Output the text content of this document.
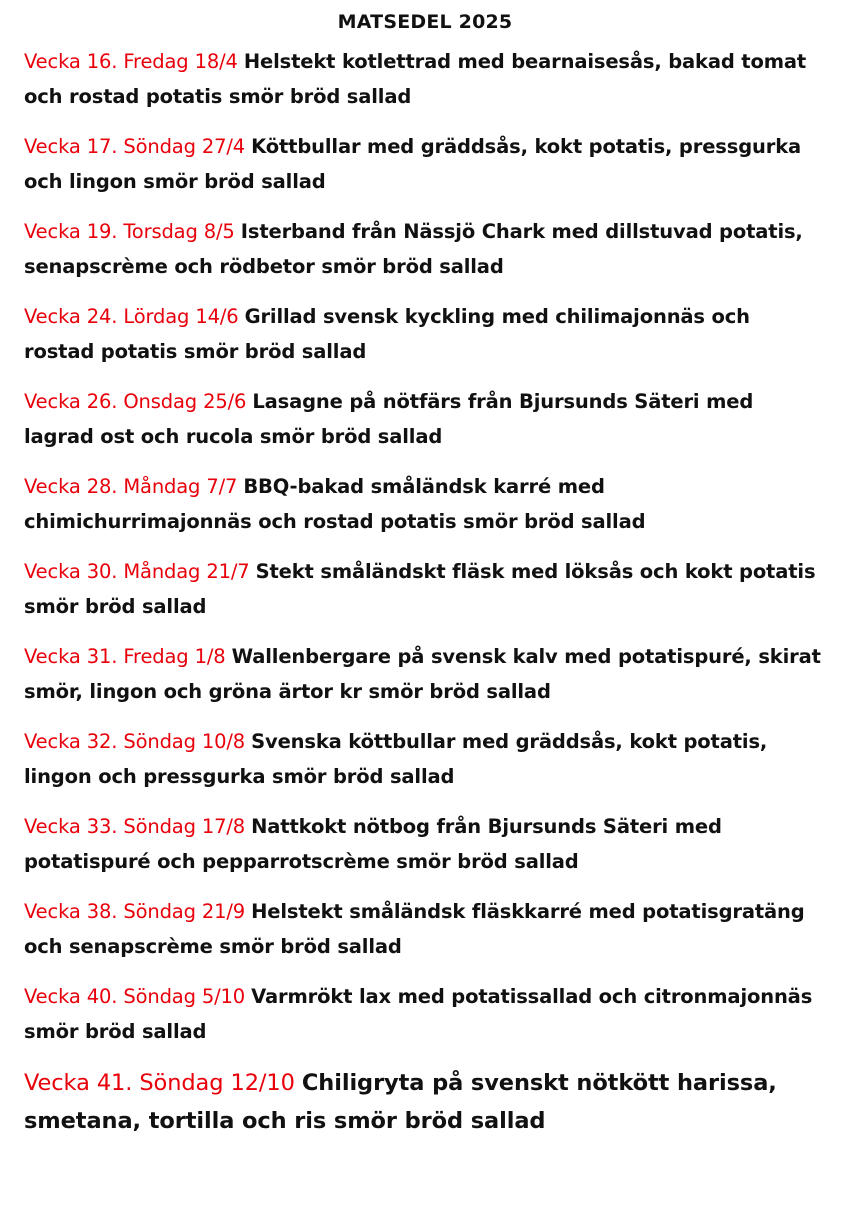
MATSEDEL 2025
Vecka 16. Fredag 18/4 Helstekt kotlettrad med bearnaisesås, bakad tomat och rostad potatis smör bröd sallad
Vecka 17. Söndag 27/4 Köttbullar med gräddsås, kokt potatis, pressgurka och lingon smör bröd sallad
Vecka 19. Torsdag 8/5 Isterband från Nässjö Chark med dillstuvad potatis, senapscrème och rödbetor smör bröd sallad
Vecka 24. Lördag 14/6 Grillad svensk kyckling med chilimajonnäs och rostad potatis smör bröd sallad
Vecka 26. Onsdag 25/6 Lasagne på nötfärs från Bjursunds Säteri med lagrad ost och rucola smör bröd sallad
Vecka 28. Måndag 7/7 BBQ-bakad småländsk karré med chimichurrimajonnäs och rostad potatis smör bröd sallad
Vecka 30. Måndag 21/7 Stekt småländskt fläsk med löksås och kokt potatis smör bröd sallad
Vecka 31. Fredag 1/8 Wallenbergare på svensk kalv med potatispuré, skirat smör, lingon och gröna ärtor kr smör bröd sallad
Vecka 32. Söndag 10/8 Svenska köttbullar med gräddsås, kokt potatis, lingon och pressgurka smör bröd sallad
Vecka 33. Söndag 17/8 Nattkokt nötbog från Bjursunds Säteri med potatispuré och pepparrotscrème smör bröd sallad
Vecka 38. Söndag 21/9 Helstekt småländsk fläskkarré med potatisgratäng och senapscrème smör bröd sallad
Vecka 40. Söndag 5/10 Varmrökt lax med potatissallad och citronmajonnäs smör bröd sallad
Vecka 41. Söndag 12/10 Chiligryta på svenskt nötkött harissa, smetana, tortilla och ris smör bröd sallad
